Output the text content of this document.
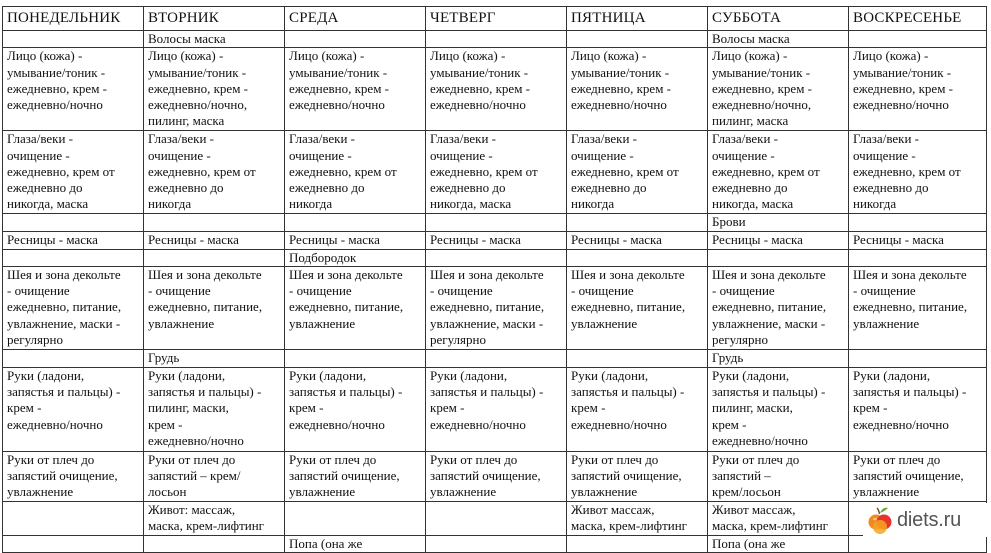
ПОНЕДЕЛЬНИК	ВТОРНИК	СРЕДА	ЧЕТВЕРГ	ПЯТНИЦА	СУББОТА	ВОСКРЕСЕНЬЕ

	Волосы маска				Волосы маска	

Лицо (кожа) -
умывание/тоник -
ежедневно, крем -
ежедневно/ночно	Лицо (кожа) -
умывание/тоник -
ежедневно, крем -
ежедневно/ночно,
пилинг, маска	Лицо (кожа) -
умывание/тоник -
ежедневно, крем -
ежедневно/ночно	Лицо (кожа) -
умывание/тоник -
ежедневно, крем -
ежедневно/ночно	Лицо (кожа) -
умывание/тоник -
ежедневно, крем -
ежедневно/ночно	Лицо (кожа) -
умывание/тоник -
ежедневно, крем -
ежедневно/ночно,
пилинг, маска	Лицо (кожа) -
умывание/тоник -
ежедневно, крем -
ежедневно/ночно

Глаза/веки -
очищение -
ежедневно, крем от
ежедневно до
никогда, маска	Глаза/веки -
очищение -
ежедневно, крем от
ежедневно до
никогда	Глаза/веки -
очищение -
ежедневно, крем от
ежедневно до
никогда	Глаза/веки -
очищение -
ежедневно, крем от
ежедневно до
никогда, маска	Глаза/веки -
очищение -
ежедневно, крем от
ежедневно до
никогда	Глаза/веки -
очищение -
ежедневно, крем от
ежедневно до
никогда, маска	Глаза/веки -
очищение -
ежедневно, крем от
ежедневно до
никогда

					Брови	

Ресницы - маска	Ресницы - маска	Ресницы - маска	Ресницы - маска	Ресницы - маска	Ресницы - маска	Ресницы - маска

		Подбородок				

Шея и зона декольте
- очищение
ежедневно, питание,
увлажнение, маски -
регулярно	Шея и зона декольте
- очищение
ежедневно, питание,
увлажнение	Шея и зона декольте
- очищение
ежедневно, питание,
увлажнение	Шея и зона декольте
- очищение
ежедневно, питание,
увлажнение, маски -
регулярно	Шея и зона декольте
- очищение
ежедневно, питание,
увлажнение	Шея и зона декольте
- очищение
ежедневно, питание,
увлажнение, маски -
регулярно	Шея и зона декольте
- очищение
ежедневно, питание,
увлажнение

	Грудь				Грудь	

Руки (ладони,
запястья и пальцы) -
крем -
ежедневно/ночно	Руки (ладони,
запястья и пальцы) -
пилинг, маски,
крем -
ежедневно/ночно	Руки (ладони,
запястья и пальцы) -
крем -
ежедневно/ночно	Руки (ладони,
запястья и пальцы) -
крем -
ежедневно/ночно	Руки (ладони,
запястья и пальцы) -
крем -
ежедневно/ночно	Руки (ладони,
запястья и пальцы) -
пилинг, маски,
крем -
ежедневно/ночно	Руки (ладони,
запястья и пальцы) -
крем -
ежедневно/ночно

Руки от плеч до
запястий очищение,
увлажнение	Руки от плеч до
запястий – крем/
лосьон	Руки от плеч до
запястий очищение,
увлажнение	Руки от плеч до
запястий очищение,
увлажнение	Руки от плеч до
запястий очищение,
увлажнение	Руки от плеч до
запястий –
крем/лосьон	Руки от плеч до
запястий очищение,
увлажнение

	Живот: массаж,
маска, крем-лифтинг			Живот массаж,
маска, крем-лифтинг	Живот массаж,
маска, крем-лифтинг	

		Попа (она же			Попа (она же	

diets.ru
